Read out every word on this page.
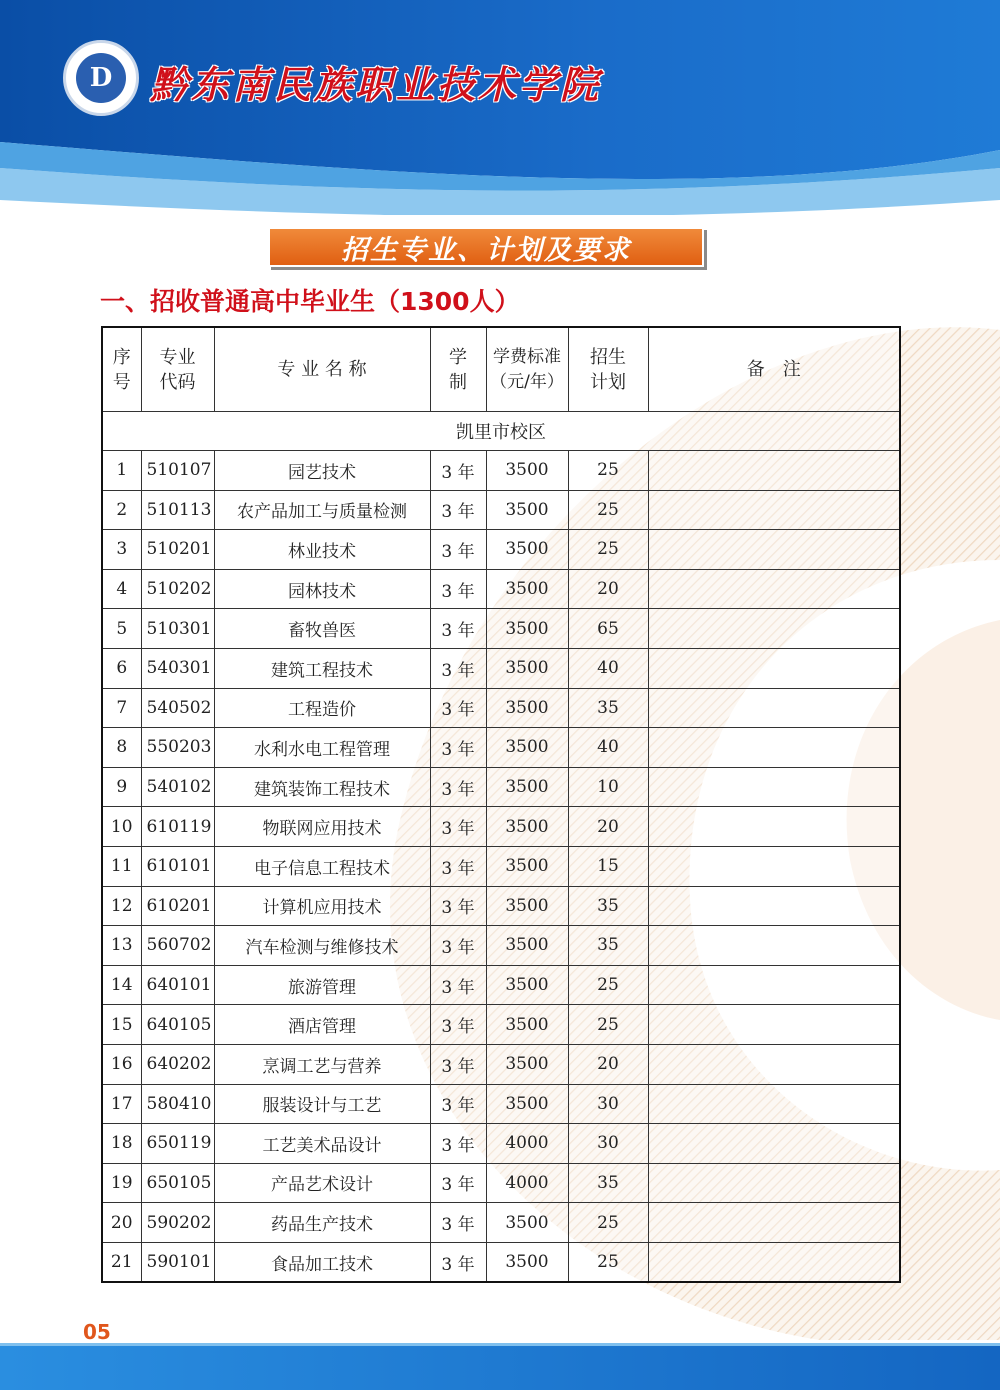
D 黔东南民族职业技术学院
招生专业、计划及要求
一、招收普通高中毕业生（1300人）
序号	专业代码	专 业 名 称	学制	学费标准（元/年）	招生计划	备　注
凯里市校区						
1	510107	园艺技术	3 年	3500	25	
2	510113	农产品加工与质量检测	3 年	3500	25	
3	510201	林业技术	3 年	3500	25	
4	510202	园林技术	3 年	3500	20	
5	510301	畜牧兽医	3 年	3500	65	
6	540301	建筑工程技术	3 年	3500	40	
7	540502	工程造价	3 年	3500	35	
8	550203	水利水电工程管理	3 年	3500	40	
9	540102	建筑装饰工程技术	3 年	3500	10	
10	610119	物联网应用技术	3 年	3500	20	
11	610101	电子信息工程技术	3 年	3500	15	
12	610201	计算机应用技术	3 年	3500	35	
13	560702	汽车检测与维修技术	3 年	3500	35	
14	640101	旅游管理	3 年	3500	25	
15	640105	酒店管理	3 年	3500	25	
16	640202	烹调工艺与营养	3 年	3500	20	
17	580410	服装设计与工艺	3 年	3500	30	
18	650119	工艺美术品设计	3 年	4000	30	
19	650105	产品艺术设计	3 年	4000	35	
20	590202	药品生产技术	3 年	3500	25	
21	590101	食品加工技术	3 年	3500	25	
05
